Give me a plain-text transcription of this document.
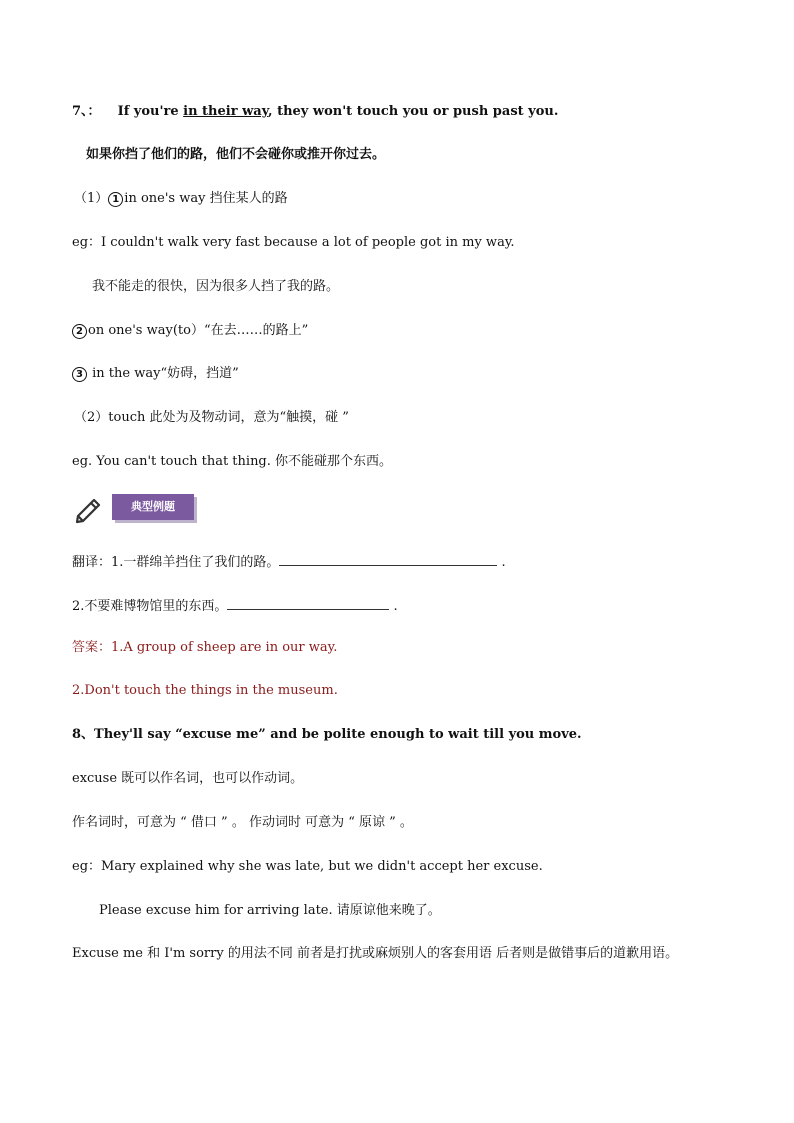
7、： If you're in their way, they won't touch you or push past you.
如果你挡了他们的路，他们不会碰你或推开你过去。
（1） 1 in one's way 挡住某人的路
eg：I couldn't walk very fast because a lot of people got in my way.
我不能走的很快，因为很多人挡了我的路。
2 on one's way(to）“在去……的路上”
3 in the way“妨碍，挡道”
（2）touch 此处为及物动词，意为“触摸，碰 ”
eg. You can't touch that thing. 你不能碰那个东西。
典型例题
翻译：1.一群绵羊挡住了我们的路。	.
2.不要难博物馆里的东西。	.
答案：1.A group of sheep are in our way.
2.Don't touch the things in the museum.
8、They'll say “excuse me” and be polite enough to wait till you move.
excuse 既可以作名词，也可以作动词。
作名词时，可意为 “ 借口 ” 。 作动词时 可意为 “ 原谅 ” 。
eg：Mary explained why she was late, but we didn't accept her excuse.
Please excuse him for arriving late. 请原谅他来晚了。
Excuse me 和 I'm sorry 的用法不同 前者是打扰或麻烦别人的客套用语 后者则是做错事后的道歉用语。
